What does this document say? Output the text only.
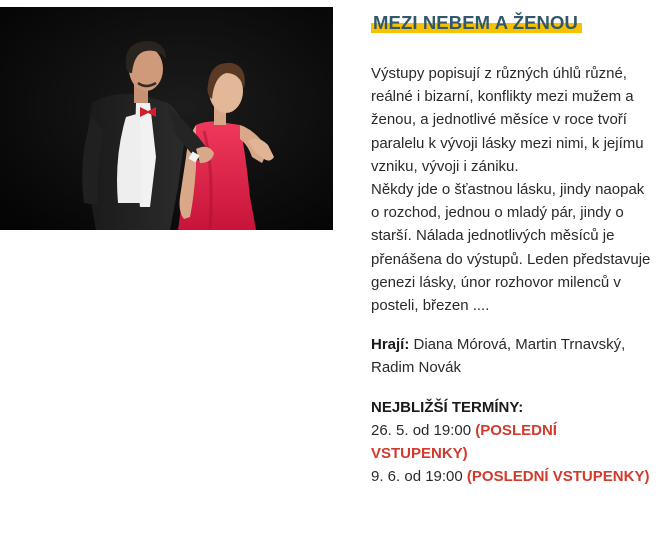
MEZI NEBEM A ŽENOU

Výstupy popisují z různých úhlů různé, reálné i bizarní, konflikty mezi mužem a ženou, a jednotlivé měsíce v roce tvoří paralelu k vývoji lásky mezi nimi, k jejímu vzniku, vývoji i zániku.
Někdy jde o šťastnou lásku, jindy naopak o rozchod, jednou o mladý pár, jindy o starší. Nálada jednotlivých měsíců je přenášena do výstupů. Leden představuje genezi lásky, únor rozhovor milenců v posteli, březen ....

Hrají: Diana Mórová, Martin Trnavský, Radim Novák

NEJBLIŽŠÍ TERMÍNY:
26. 5. od 19:00 (POSLEDNÍ VSTUPENKY)
9. 6. od 19:00 (POSLEDNÍ VSTUPENKY)
